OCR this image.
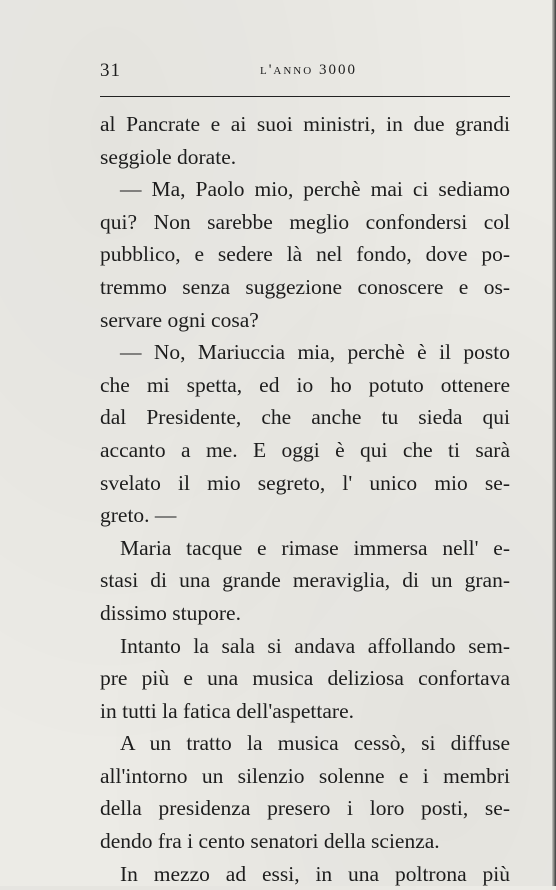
31	l'anno 3000
al Pancrate e ai suoi ministri, in due grandi
seggiole dorate.
— Ma, Paolo mio, perchè mai ci sediamo
qui? Non sarebbe meglio confondersi col
pubblico, e sedere là nel fondo, dove po-
tremmo senza suggezione conoscere e os-
servare ogni cosa?
— No, Mariuccia mia, perchè è il posto
che mi spetta, ed io ho potuto ottenere
dal Presidente, che anche tu sieda qui
accanto a me. E oggi è qui che ti sarà
svelato il mio segreto, l' unico mio se-
greto. —
Maria tacque e rimase immersa nell' e-
stasi di una grande meraviglia, di un gran-
dissimo stupore.
Intanto la sala si andava affollando sem-
pre più e una musica deliziosa confortava
in tutti la fatica dell'aspettare.
A un tratto la musica cessò, si diffuse
all'intorno un silenzio solenne e i membri
della presidenza presero i loro posti, se-
dendo fra i cento senatori della scienza.
In mezzo ad essi, in una poltrona più
